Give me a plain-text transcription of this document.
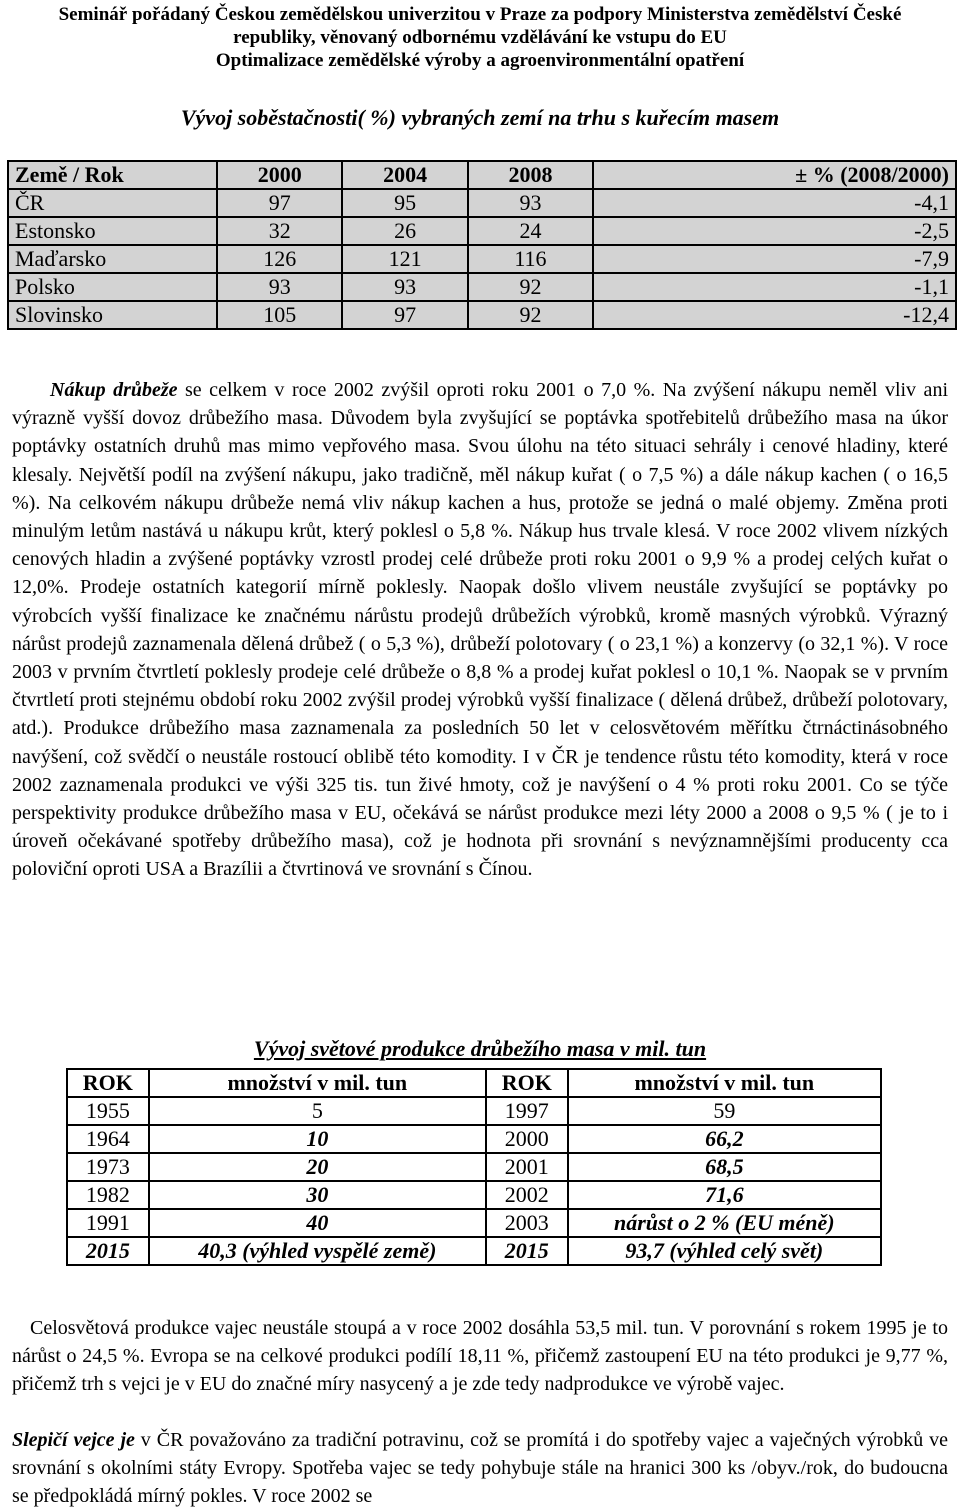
Seminář pořádaný Českou zemědělskou univerzitou v Praze za podpory Ministerstva zemědělství České
republiky, věnovaný odbornému vzdělávání ke vstupu do EU
Optimalizace zemědělské výroby a agroenvironmentální opatření
Vývoj soběstačnosti( %) vybraných zemí na trhu s kuřecím masem
Země / Rok	2000	2004	2008	± % (2008/2000)
ČR	97	95	93	-4,1
Estonsko	32	26	24	-2,5
Maďarsko	126	121	116	-7,9
Polsko	93	93	92	-1,1
Slovinsko	105	97	92	-12,4
Nákup drůbeže se celkem v roce 2002 zvýšil oproti roku 2001 o 7,0 %. Na zvýšení nákupu neměl vliv ani výrazně vyšší dovoz drůbežího masa. Důvodem byla zvyšující se poptávka spotřebitelů drůbežího masa na úkor poptávky ostatních druhů mas mimo vepřového masa. Svou úlohu na této situaci sehrály i cenové hladiny, které klesaly. Největší podíl na zvýšení nákupu, jako tradičně, měl nákup kuřat ( o 7,5 %) a dále nákup kachen ( o 16,5 %). Na celkovém nákupu drůbeže nemá vliv nákup kachen a hus, protože se jedná o malé objemy. Změna proti minulým letům nastává u nákupu krůt, který poklesl o 5,8 %. Nákup hus trvale klesá. V roce 2002 vlivem nízkých cenových hladin a zvýšené poptávky vzrostl prodej celé drůbeže proti roku 2001 o 9,9 % a prodej celých kuřat o 12,0%. Prodeje ostatních kategorií mírně poklesly. Naopak došlo vlivem neustále zvyšující se poptávky po výrobcích vyšší finalizace ke značnému nárůstu prodejů drůbežích výrobků, kromě masných výrobků. Výrazný nárůst prodejů zaznamenala dělená drůbež ( o 5,3 %), drůbeží polotovary ( o 23,1 %) a konzervy (o 32,1 %). V roce 2003 v prvním čtvrtletí poklesly prodeje celé drůbeže o 8,8 % a prodej kuřat poklesl o 10,1 %. Naopak se v prvním čtvrtletí proti stejnému období roku 2002 zvýšil prodej výrobků vyšší finalizace ( dělená drůbež, drůbeží polotovary, atd.). Produkce drůbežího masa zaznamenala za posledních 50 let v celosvětovém měřítku čtrnáctinásobného navýšení, což svědčí o neustále rostoucí oblibě této komodity. I v ČR je tendence růstu této komodity, která v roce 2002 zaznamenala produkci ve výši 325 tis. tun živé hmoty, což je navýšení o 4 % proti roku 2001. Co se týče perspektivity produkce drůbežího masa v EU, očekává se nárůst produkce mezi léty 2000 a 2008 o 9,5 % ( je to i úroveň očekávané spotřeby drůbežího masa), což je hodnota při srovnání s nevýznamnějšími producenty cca poloviční oproti USA a Brazílii a čtvrtinová ve srovnání s Čínou.
Vývoj světové produkce drůbežího masa v mil. tun
ROK	množství v mil. tun	ROK	množství v mil. tun
1955	5	1997	59
1964	10	2000	66,2
1973	20	2001	68,5
1982	30	2002	71,6
1991	40	2003	nárůst o 2 % (EU méně)
2015	40,3 (výhled vyspělé země)	2015	93,7 (výhled celý svět)
Celosvětová produkce vajec neustále stoupá a v roce 2002 dosáhla 53,5 mil. tun. V porovnání s rokem 1995 je to nárůst o 24,5 %. Evropa se na celkové produkci podílí 18,11 %, přičemž zastoupení EU na této produkci je 9,77 %, přičemž trh s vejci je v EU do značné míry nasycený a je zde tedy nadprodukce ve výrobě vajec.
Slepičí vejce je v ČR považováno za tradiční potravinu, což se promítá i do spotřeby vajec a vaječných výrobků ve srovnání s okolními státy Evropy. Spotřeba vajec se tedy pohybuje stále na hranici 300 ks /obyv./rok, do budoucna se předpokládá mírný pokles. V roce 2002 se
